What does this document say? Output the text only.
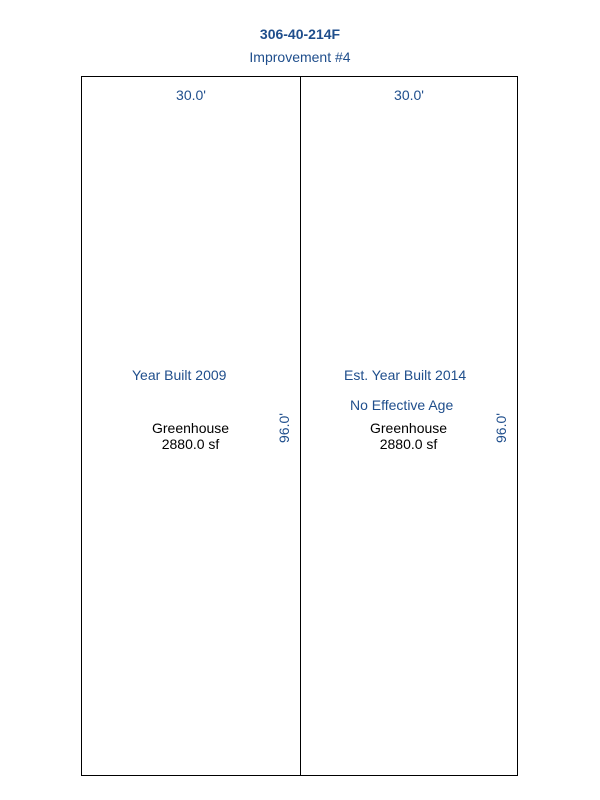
306-40-214F
Improvement #4
30.0'
Year Built 2009
Greenhouse
2880.0 sf
96.0'
30.0'
Est. Year Built 2014
No Effective Age
Greenhouse
2880.0 sf
96.0'
